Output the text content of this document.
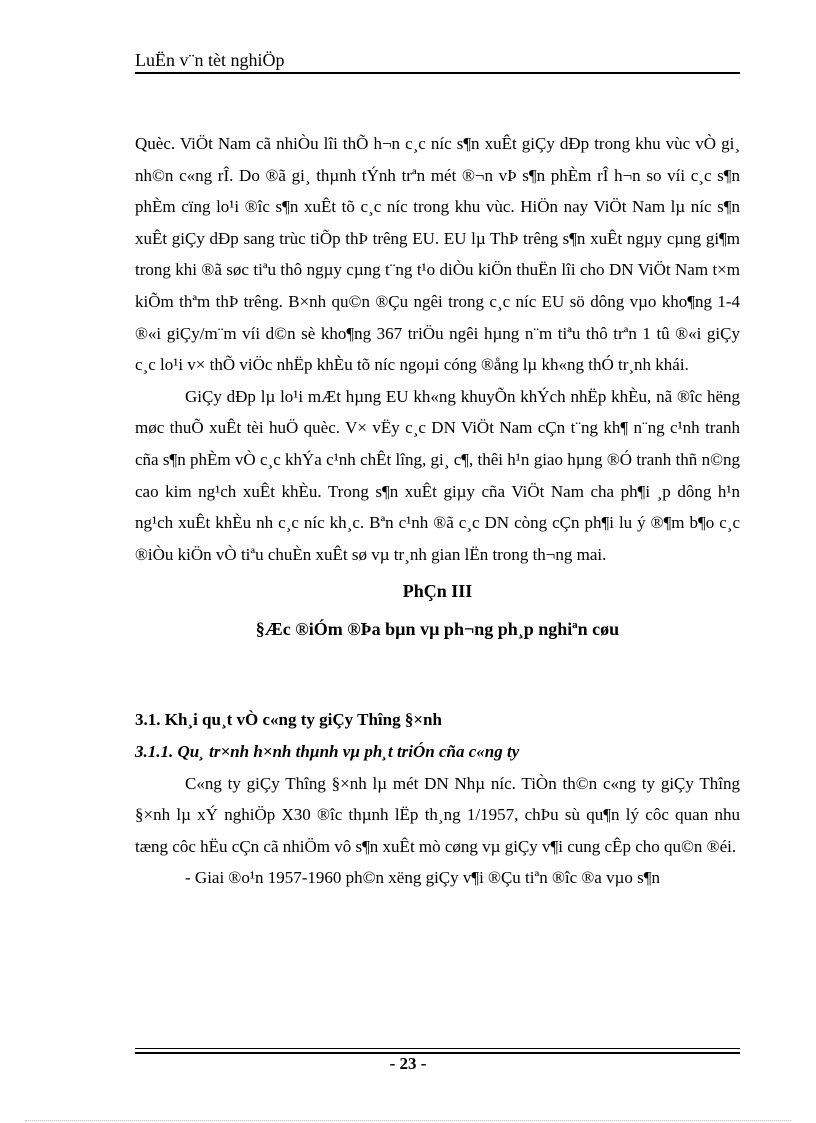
LuËn v¨n tèt nghiÖp

Quèc. ViÖt Nam cã nhiÒu lîi thÕ h¬n c¸c níc s¶n xuÊt giÇy dÐp trong khu vùc vÒ gi¸ nh©n c«ng rÎ. Do ®ã gi¸ thµnh tÝnh trªn mét ®¬n vÞ s¶n phÈm rÎ h¬n so víi c¸c s¶n phÈm cïng lo¹i ®îc s¶n xuÊt tõ c¸c níc trong khu vùc. HiÖn nay ViÖt Nam lµ níc s¶n xuÊt giÇy dÐp sang trùc tiÕp thÞ trêng EU. EU lµ ThÞ trêng s¶n xuÊt ngµy cµng gi¶m trong khi ®ã søc tiªu thô ngµy cµng t¨ng t¹o diÒu kiÖn thuËn lîi cho DN ViÖt Nam t×m kiÕm thªm thÞ trêng. B×nh qu©n ®Çu ngêi trong c¸c níc EU sö dông vµo kho¶ng 1-4 ®«i giÇy/m¨m víi d©n sè kho¶ng 367 triÖu ngêi hµng n¨m tiªu thô trªn 1 tû ®«i giÇy c¸c lo¹i v× thÕ viÖc nhËp khÈu tõ níc ngoµi cóng ®ång lµ kh«ng thÓ tr¸nh khái.

GiÇy dÐp lµ lo¹i mÆt hµng EU kh«ng khuyÕn khÝch nhËp khÈu, nã ®îc hëng møc thuÕ xuÊt tèi huÖ quèc. V× vËy c¸c DN ViÖt Nam cÇn t¨ng kh¶ n¨ng c¹nh tranh cña s¶n phÈm vÒ c¸c khÝa c¹nh chÊt lîng, gi¸ c¶, thêi h¹n giao hµng ®Ó tranh thñ n©ng cao kim ng¹ch xuÊt khÈu. Trong s¶n xuÊt giµy cña ViÖt Nam cha ph¶i ¸p dông h¹n ng¹ch xuÊt khÈu nh c¸c níc kh¸c. Bªn c¹nh ®ã c¸c DN còng cÇn ph¶i lu ý ®¶m b¶o c¸c ®iÒu kiÖn vÒ tiªu chuÈn xuÊt sø vµ tr¸nh gian lËn trong th¬ng mai.

PhÇn III
§Æc ®iÓm ®Þa bµn vµ ph¬ng ph¸p nghiªn cøu

3.1. Kh¸i qu¸t vÒ c«ng ty giÇy Thîng §×nh

3.1.1. Qu¸ tr×nh h×nh thµnh vµ ph¸t triÓn cña c«ng ty

C«ng ty giÇy Thîng §×nh lµ mét DN Nhµ níc. TiÒn th©n c«ng ty giÇy Thîng §×nh lµ xÝ nghiÖp X30 ®îc thµnh lËp th¸ng 1/1957, chÞu sù qu¶n lý côc quan nhu tæng côc hËu cÇn cã nhiÖm vô s¶n xuÊt mò cøng vµ giÇy v¶i cung cÊp cho qu©n ®éi.

- Giai ®o¹n 1957-1960 ph©n xëng giÇy v¶i ®Çu tiªn ®îc ®a vµo s¶n

- 23 -
